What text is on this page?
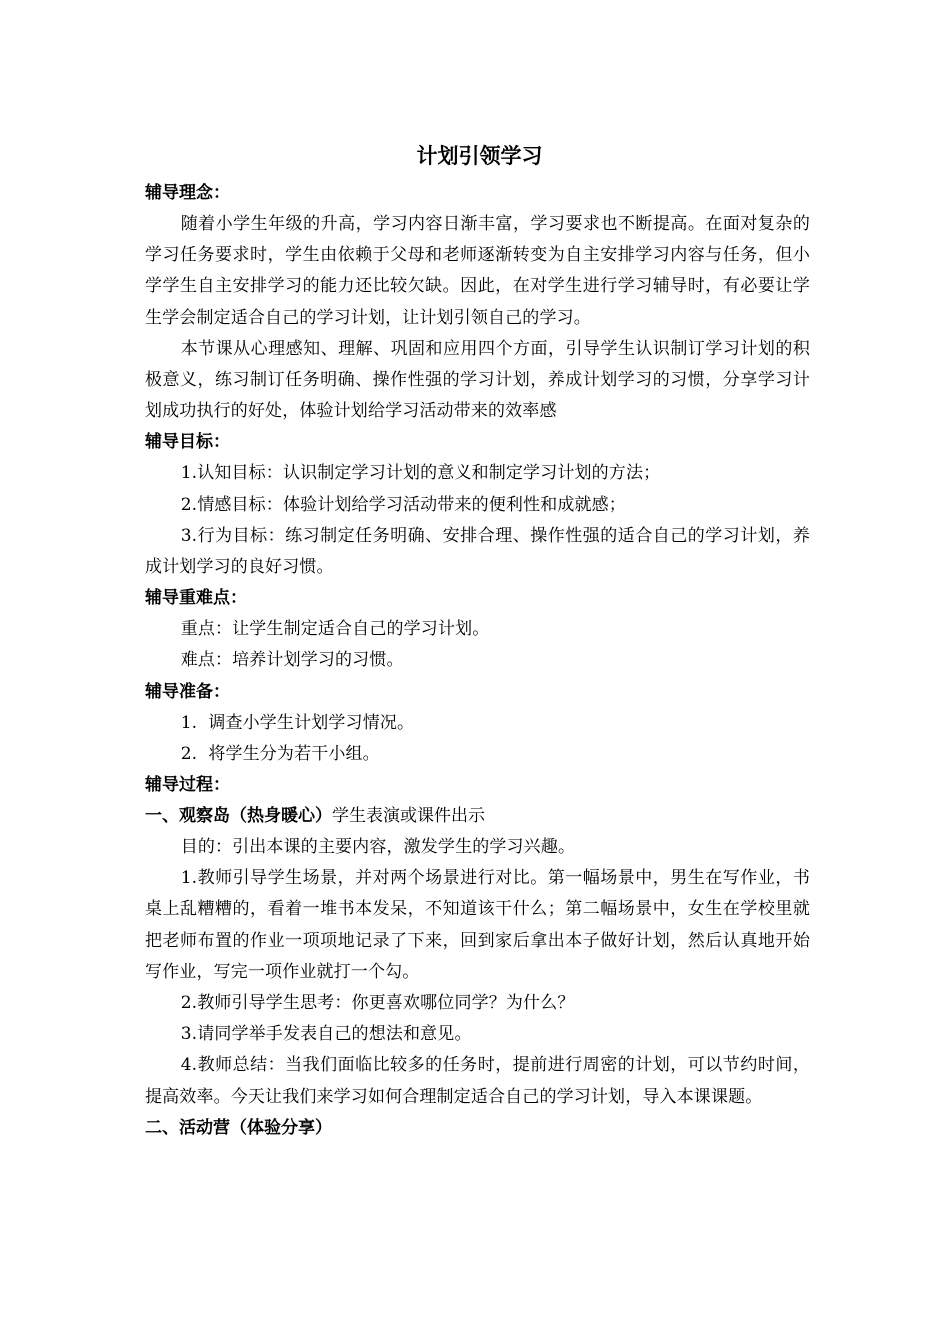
计划引领学习
辅导理念：

随着小学生年级的升高，学习内容日渐丰富，学习要求也不断提高。在面对复杂的学习任务要求时，学生由依赖于父母和老师逐渐转变为自主安排学习内容与任务，但小学学生自主安排学习的能力还比较欠缺。因此，在对学生进行学习辅导时，有必要让学生学会制定适合自己的学习计划，让计划引领自己的学习。

本节课从心理感知、理解、巩固和应用四个方面，引导学生认识制订学习计划的积极意义，练习制订任务明确、操作性强的学习计划，养成计划学习的习惯，分享学习计划成功执行的好处，体验计划给学习活动带来的效率感

辅导目标：

1.认知目标：认识制定学习计划的意义和制定学习计划的方法；

2.情感目标：体验计划给学习活动带来的便利性和成就感；

3.行为目标：练习制定任务明确、安排合理、操作性强的适合自己的学习计划，养成计划学习的良好习惯。

辅导重难点：

重点：让学生制定适合自己的学习计划。

难点：培养计划学习的习惯。

辅导准备：

1.  调查小学生计划学习情况。

2.  将学生分为若干小组。

辅导过程：

一、观察岛（热身暖心）学生表演或课件出示

目的：引出本课的主要内容，激发学生的学习兴趣。

1.教师引导学生场景，并对两个场景进行对比。第一幅场景中，男生在写作业，书桌上乱糟糟的，看着一堆书本发呆，不知道该干什么；第二幅场景中，女生在学校里就把老师布置的作业一项项地记录了下来，回到家后拿出本子做好计划，然后认真地开始写作业，写完一项作业就打一个勾。

2.教师引导学生思考：你更喜欢哪位同学？为什么？

3.请同学举手发表自己的想法和意见。

4.教师总结：当我们面临比较多的任务时，提前进行周密的计划，可以节约时间，提高效率。今天让我们来学习如何合理制定适合自己的学习计划，导入本课课题。

二、活动营（体验分享）
